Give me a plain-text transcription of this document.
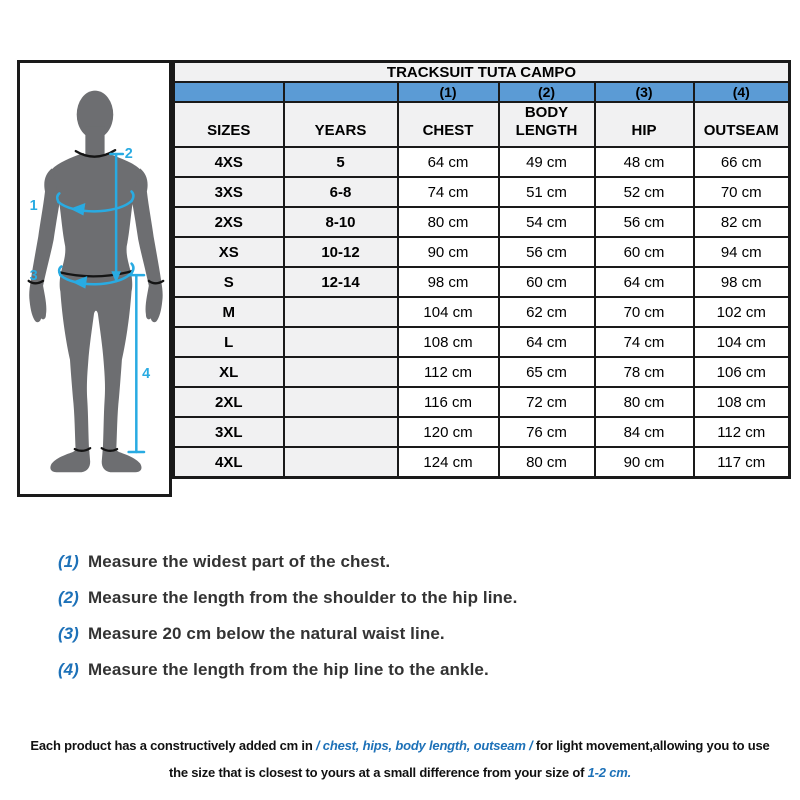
1
2
3
4
TRACKSUIT TUTA CAMPO					
		(1)	(2)	(3)	(4)
SIZES	YEARS	CHEST	BODY LENGTH	HIP	OUTSEAM
4XS	5	64 cm	49 cm	48 cm	66 cm
3XS	6-8	74 cm	51 cm	52 cm	70 cm
2XS	8-10	80 cm	54 cm	56 cm	82 cm
XS	10-12	90 cm	56 cm	60 cm	94 cm
S	12-14	98 cm	60 cm	64 cm	98 cm
M		104 cm	62 cm	70 cm	102 cm
L		108 cm	64 cm	74 cm	104 cm
XL		112 cm	65 cm	78 cm	106 cm
2XL		116 cm	72 cm	80 cm	108 cm
3XL		120 cm	76 cm	84 cm	112 cm
4XL		124 cm	80 cm	90 cm	117 cm
(1) Measure the widest part of the chest.
(2) Measure the length from the shoulder to the hip line.
(3) Measure 20 cm below the natural waist line.
(4) Measure the length from the hip line to the ankle.
Each product has a constructively added cm in / chest, hips, body length, outseam / for light movement,allowing you to use
the size that is closest to yours at a small difference from your size of 1-2 cm.
